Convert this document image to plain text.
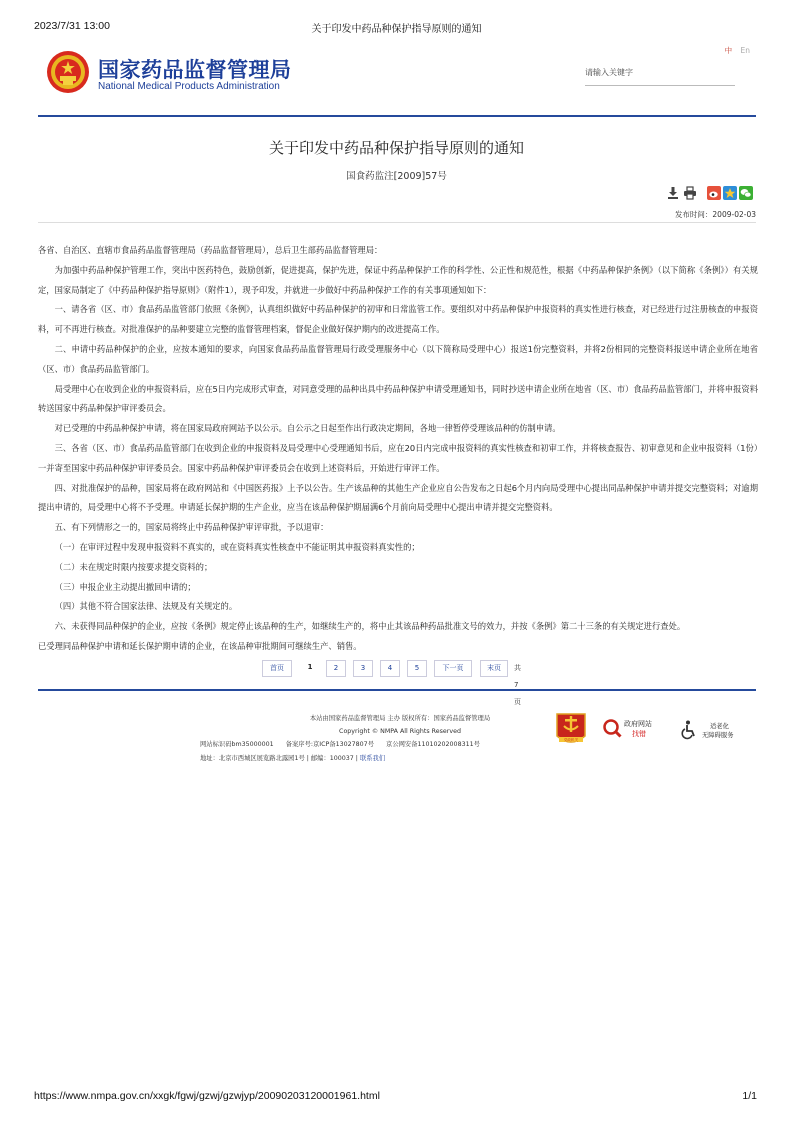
2023/7/31 13:00	关于印发中药品种保护指导原则的通知
国家药品监督管理局
National Medical Products Administration
中 En
请输入关键字
关于印发中药品种保护指导原则的通知
国食药监注[2009]57号
发布时间：2009-02-03

各省、自治区、直辖市食品药品监督管理局（药品监督管理局），总后卫生部药品监督管理局：

为加强中药品种保护管理工作，突出中医药特色，鼓励创新，促进提高，保护先进，保证中药品种保护工作的科学性、公正性和规范性，根据《中药品种保护条例》（以下简称《条例》）有关规定，国家局制定了《中药品种保护指导原则》（附件1），现予印发，并就进一步做好中药品种保护工作的有关事项通知如下：

一、请各省（区、市）食品药品监管部门依照《条例》，认真组织做好中药品种保护的初审和日常监管工作。要组织对中药品种保护申报资料的真实性进行核查，对已经进行过注册核查的申报资料，可不再进行核查。对批准保护的品种要建立完整的监督管理档案，督促企业做好保护期内的改进提高工作。

二、申请中药品种保护的企业，应按本通知的要求，向国家食品药品监督管理局行政受理服务中心（以下简称局受理中心）报送1份完整资料，并将2份相同的完整资料报送申请企业所在地省（区、市）食品药品监管部门。

局受理中心在收到企业的申报资料后，应在5日内完成形式审查，对同意受理的品种出具中药品种保护申请受理通知书，同时抄送申请企业所在地省（区、市）食品药品监管部门，并将申报资料转送国家中药品种保护审评委员会。

对已受理的中药品种保护申请，将在国家局政府网站予以公示。自公示之日起至作出行政决定期间，各地一律暂停受理该品种的仿制申请。

三、各省（区、市）食品药品监管部门在收到企业的申报资料及局受理中心受理通知书后，应在20日内完成申报资料的真实性核查和初审工作，并将核查报告、初审意见和企业申报资料（1份）一并寄至国家中药品种保护审评委员会。国家中药品种保护审评委员会在收到上述资料后，开始进行审评工作。

四、对批准保护的品种，国家局将在政府网站和《中国医药报》上予以公告。生产该品种的其他生产企业应自公告发布之日起6个月内向局受理中心提出同品种保护申请并提交完整资料；对逾期提出申请的，局受理中心将不予受理。申请延长保护期的生产企业，应当在该品种保护期届满6个月前向局受理中心提出申请并提交完整资料。

五、有下列情形之一的，国家局将终止中药品种保护审评审批，予以退审：

（一）在审评过程中发现申报资料不真实的，或在资料真实性核查中不能证明其申报资料真实性的；

（二）未在规定时限内按要求提交资料的；

（三）申报企业主动提出撤回申请的；

（四）其他不符合国家法律、法规及有关规定的。

六、未获得同品种保护的企业，应按《条例》规定停止该品种的生产，如继续生产的，将中止其该品种药品批准文号的效力，并按《条例》第二十三条的有关规定进行查处。

已受理同品种保护申请和延长保护期申请的企业，在该品种审批期间可继续生产、销售。

首页	1	2	3	4	5	下一页	末页	共7页
本站由国家药品监督管理局 主办 版权所有：国家药品监督管理局
Copyright © NMPA All Rights Reserved
网站标识码bm35000001 备案序号:京ICP备13027807号 京公网安备11010202008311号
地址：北京市西城区展览路北露园1号 | 邮编：100037 | 联系我们
党政机关
政府网站
找错
适老化
无障碍服务
https://www.nmpa.gov.cn/xxgk/fgwj/gzwj/gzwjyp/20090203120001961.html	1/1
